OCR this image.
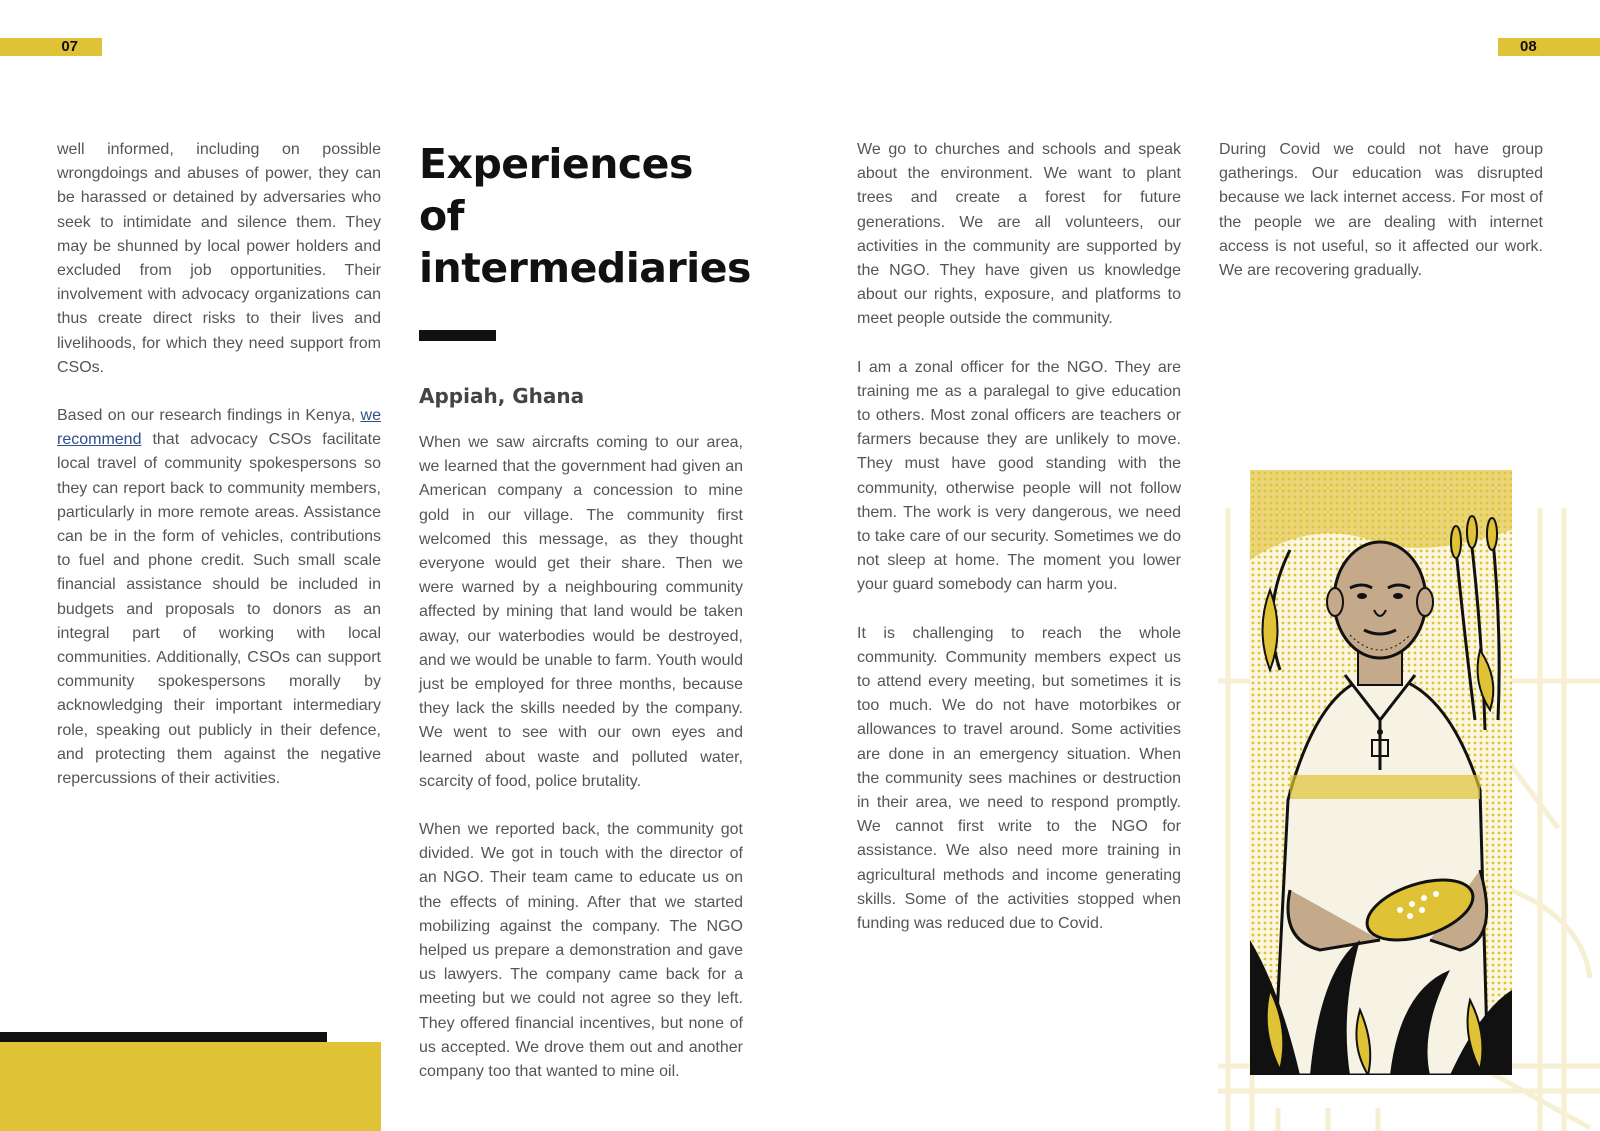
07	08

well informed, including on possible wrongdoings and abuses of power, they can be harassed or detained by adversaries who seek to intimidate and silence them. They may be shunned by local power holders and excluded from job opportunities. Their involvement with advocacy organizations can thus create direct risks to their lives and livelihoods, for which they need support from CSOs.

Based on our research findings in Kenya, we recommend that advocacy CSOs facilitate local travel of community spokespersons so they can report back to community members, particularly in more remote areas. Assistance can be in the form of vehicles, contributions to fuel and phone credit. Such small scale financial assistance should be included in budgets and proposals to donors as an integral part of working with local communities. Additionally, CSOs can support community spokespersons morally by acknowledging their important intermediary role, speaking out publicly in their defence, and protecting them against the negative repercussions of their activities.

Experiences of
intermediaries
Appiah, Ghana

When we saw aircrafts coming to our area, we learned that the government had given an American company a concession to mine gold in our village. The community first welcomed this message, as they thought everyone would get their share. Then we were warned by a neighbouring community affected by mining that land would be taken away, our waterbodies would be destroyed, and we would be unable to farm. Youth would just be employed for three months, because they lack the skills needed by the company. We went to see with our own eyes and learned about waste and polluted water, scarcity of food, police brutality.

When we reported back, the community got divided. We got in touch with the director of an NGO. Their team came to educate us on the effects of mining. After that we started mobilizing against the company. The NGO helped us prepare a demonstration and gave us lawyers. The company came back for a meeting but we could not agree so they left. They offered financial incentives, but none of us accepted. We drove them out and another company too that wanted to mine oil.

We go to churches and schools and speak about the environment. We want to plant trees and create a forest for future generations. We are all volunteers, our activities in the community are supported by the NGO. They have given us knowledge about our rights, exposure, and platforms to meet people outside the community.

I am a zonal officer for the NGO. They are training me as a paralegal to give education to others. Most zonal officers are teachers or farmers because they are unlikely to move. They must have good standing with the community, otherwise people will not follow them. The work is very dangerous, we need to take care of our security. Sometimes we do not sleep at home. The moment you lower your guard somebody can harm you.

It is challenging to reach the whole community. Community members expect us to attend every meeting, but sometimes it is too much. We do not have motorbikes or allowances to travel around. Some activities are done in an emergency situation. When the community sees machines or destruction in their area, we need to respond promptly. We cannot first write to the NGO for assistance. We also need more training in agricultural methods and income generating skills. Some of the activities stopped when funding was reduced due to Covid.

During Covid we could not have group gatherings. Our education was disrupted because we lack internet access. For most of the people we are dealing with internet access is not useful, so it affected our work. We are recovering gradually.
